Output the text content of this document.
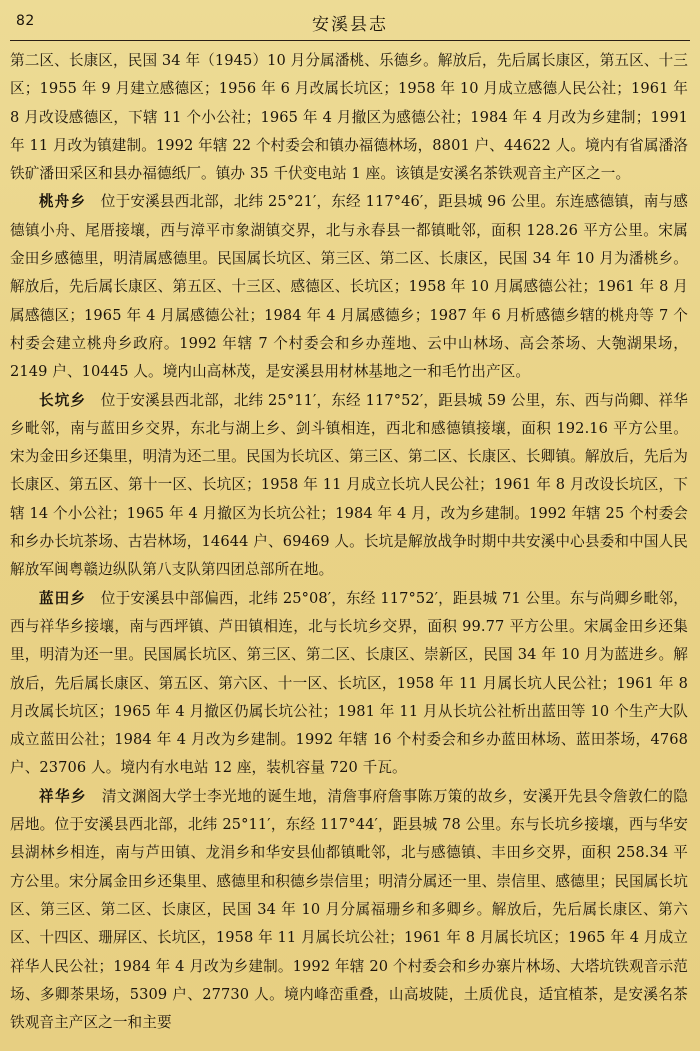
82	安溪县志

第二区、长康区，民国 34 年（1945）10 月分属潘桃、乐德乡。解放后，先后属长康区，第五区、十三区；1955 年 9 月建立感德区；1956 年 6 月改属长坑区；1958 年 10 月成立感德人民公社；1961 年 8 月改设感德区，下辖 11 个小公社；1965 年 4 月撤区为感德公社；1984 年 4 月改为乡建制；1991 年 11 月改为镇建制。1992 年辖 22 个村委会和镇办福德林场，8801 户、44622 人。境内有省属潘洛铁矿潘田采区和县办福德纸厂。镇办 35 千伏变电站 1 座。该镇是安溪名茶铁观音主产区之一。

桃舟乡　 位于安溪县西北部，北纬 25°21′，东经 117°46′，距县城 96 公里。东连感德镇，南与感德镇小舟、尾厝接壤，西与漳平市象湖镇交界，北与永春县一都镇毗邻，面积 128.26 平方公里。宋属金田乡感德里，明清属感德里。民国属长坑区、第三区、第二区、长康区，民国 34 年 10 月为潘桃乡。解放后，先后属长康区、第五区、十三区、感德区、长坑区；1958 年 10 月属感德公社；1961 年 8 月属感德区；1965 年 4 月属感德公社；1984 年 4 月属感德乡；1987 年 6 月析感德乡辖的桃舟等 7 个村委会建立桃舟乡政府。1992 年辖 7 个村委会和乡办莲地、云中山林场、高会茶场、大匏湖果场，2149 户、10445 人。境内山高林茂，是安溪县用材林基地之一和毛竹出产区。

长坑乡　 位于安溪县西北部，北纬 25°11′，东经 117°52′，距县城 59 公里，东、西与尚卿、祥华乡毗邻，南与蓝田乡交界，东北与湖上乡、剑斗镇相连，西北和感德镇接壤，面积 192.16 平方公里。宋为金田乡还集里，明清为还二里。民国为长坑区、第三区、第二区、长康区、长卿镇。解放后，先后为长康区、第五区、第十一区、长坑区；1958 年 11 月成立长坑人民公社；1961 年 8 月改设长坑区，下辖 14 个小公社；1965 年 4 月撤区为长坑公社；1984 年 4 月，改为乡建制。1992 年辖 25 个村委会和乡办长坑茶场、古岩林场，14644 户、69469 人。长坑是解放战争时期中共安溪中心县委和中国人民解放军闽粤赣边纵队第八支队第四团总部所在地。

蓝田乡　 位于安溪县中部偏西，北纬 25°08′，东经 117°52′，距县城 71 公里。东与尚卿乡毗邻，西与祥华乡接壤，南与西坪镇、芦田镇相连，北与长坑乡交界，面积 99.77 平方公里。宋属金田乡还集里，明清为还一里。民国属长坑区、第三区、第二区、长康区、崇新区，民国 34 年 10 月为蓝进乡。解放后，先后属长康区、第五区、第六区、十一区、长坑区，1958 年 11 月属长坑人民公社；1961 年 8 月改属长坑区；1965 年 4 月撤区仍属长坑公社；1981 年 11 月从长坑公社析出蓝田等 10 个生产大队成立蓝田公社；1984 年 4 月改为乡建制。1992 年辖 16 个村委会和乡办蓝田林场、蓝田茶场，4768 户、23706 人。境内有水电站 12 座，装机容量 720 千瓦。

祥华乡　 清文渊阁大学士李光地的诞生地，清詹事府詹事陈万策的故乡，安溪开先县令詹敦仁的隐居地。位于安溪县西北部，北纬 25°11′，东经 117°44′，距县城 78 公里。东与长坑乡接壤，西与华安县湖林乡相连，南与芦田镇、龙涓乡和华安县仙都镇毗邻，北与感德镇、丰田乡交界，面积 258.34 平方公里。宋分属金田乡还集里、感德里和积德乡崇信里；明清分属还一里、崇信里、感德里；民国属长坑区、第三区、第二区、长康区，民国 34 年 10 月分属福珊乡和多卿乡。解放后，先后属长康区、第六区、十四区、珊屏区、长坑区，1958 年 11 月属长坑公社；1961 年 8 月属长坑区；1965 年 4 月成立祥华人民公社；1984 年 4 月改为乡建制。1992 年辖 20 个村委会和乡办寨片林场、大塔坑铁观音示范场、多卿茶果场，5309 户、27730 人。境内峰峦重叠，山高坡陡，土质优良，适宜植茶，是安溪名茶铁观音主产区之一和主要
